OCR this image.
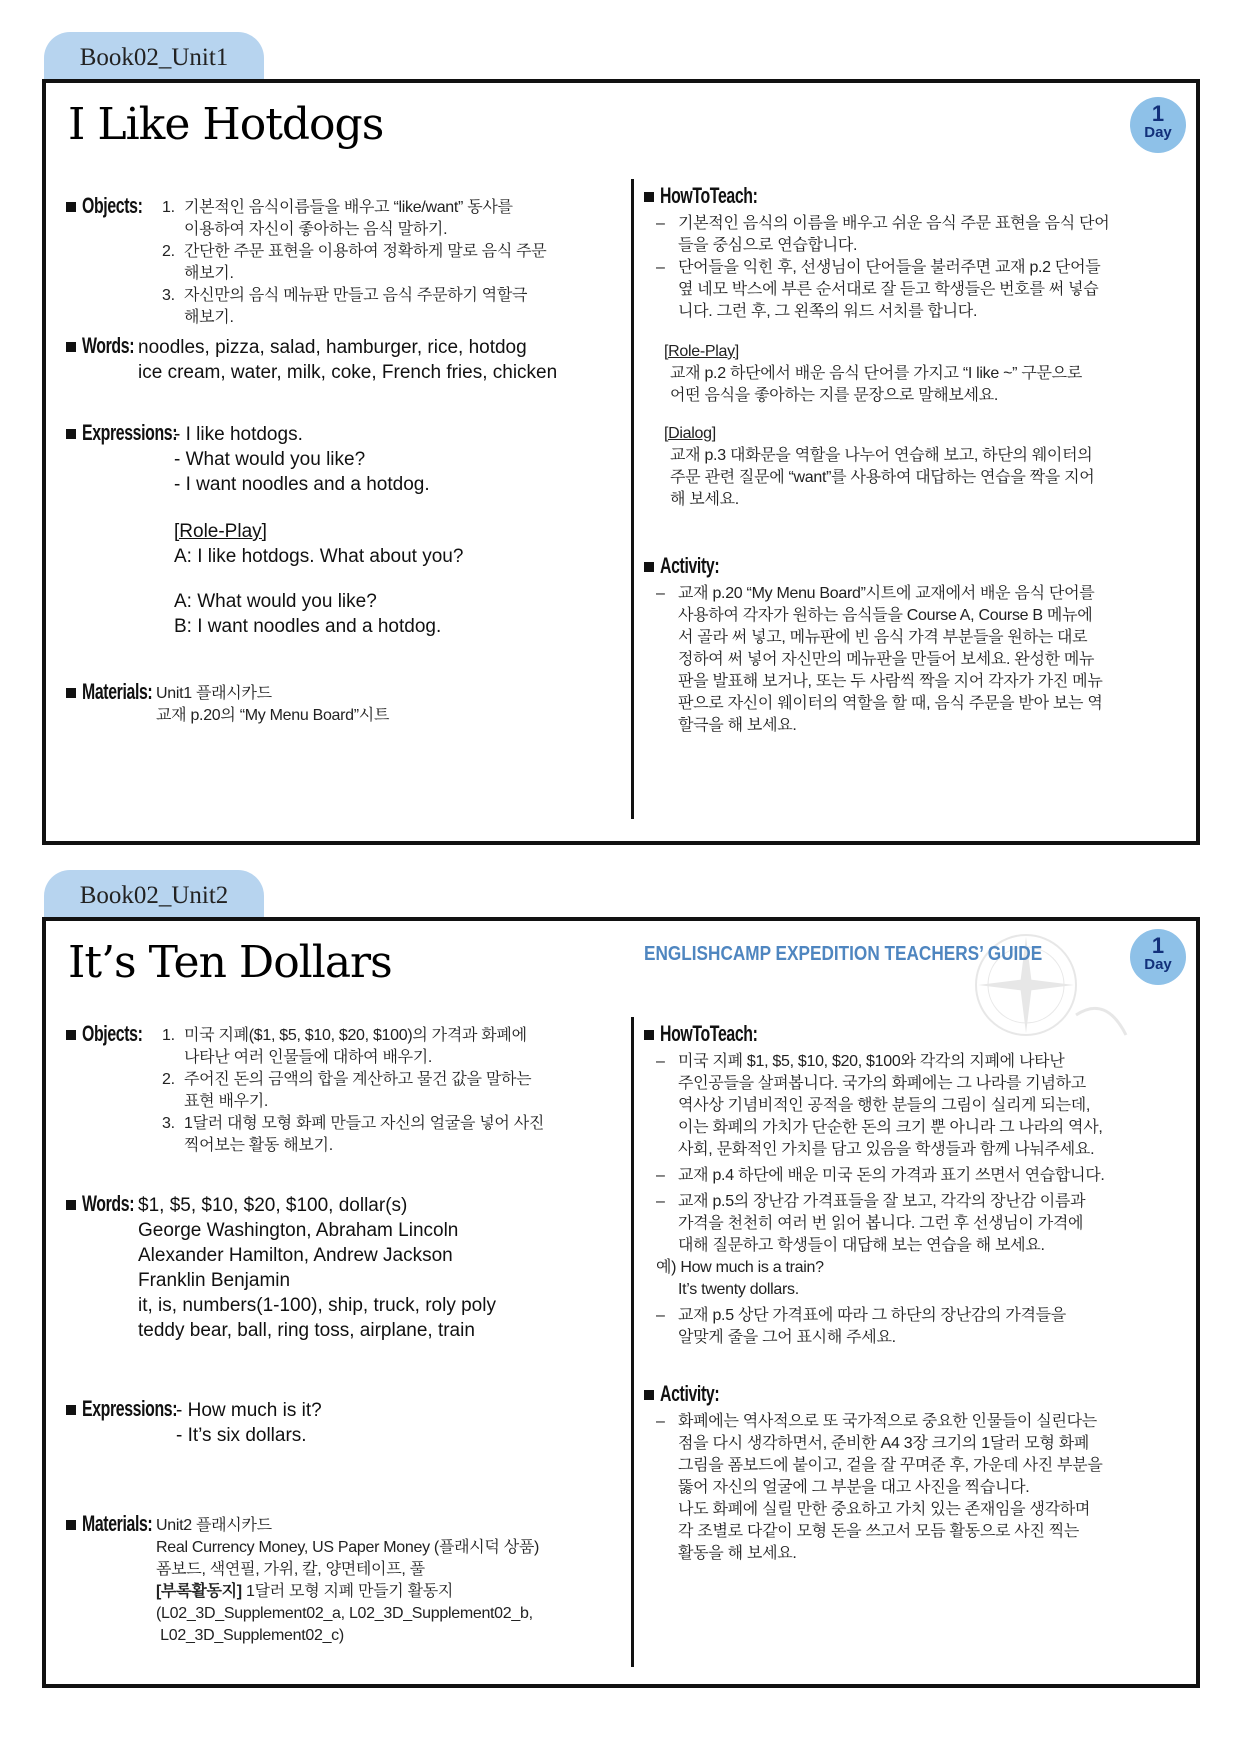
Book02_Unit1
I Like Hotdogs	1
Day
Objects:	1. 기본적인 음식이름들을 배우고 “like/want” 동사를
이용하여 자신이 좋아하는 음식 말하기.
2. 간단한 주문 표현을 이용하여 정확하게 말로 음식 주문
해보기.
3. 자신만의 음식 메뉴판 만들고 음식 주문하기 역할극
해보기.
Words: noodles, pizza, salad, hamburger, rice, hotdog
ice cream, water, milk, coke, French fries, chicken
Expressions:
- I like hotdogs.
- What would you like?
- I want noodles and a hotdog.
[Role-Play]
A: I like hotdogs. What about you?
A: What would you like?
B: I want noodles and a hotdog.
Materials: Unit1 플래시카드
교재 p.20의 “My Menu Board”시트
HowToTeach:
– 기본적인 음식의 이름을 배우고 쉬운 음식 주문 표현을 음식 단어
들을 중심으로 연습합니다.
– 단어들을 익힌 후, 선생님이 단어들을 불러주면 교재 p.2 단어들
옆 네모 박스에 부른 순서대로 잘 듣고 학생들은 번호를 써 넣습
니다. 그런 후, 그 왼쪽의 워드 서치를 합니다.
[Role-Play]
교재 p.2 하단에서 배운 음식 단어를 가지고 “I like ~” 구문으로
어떤 음식을 좋아하는 지를 문장으로 말해보세요.
[Dialog]
교재 p.3 대화문을 역할을 나누어 연습해 보고, 하단의 웨이터의
주문 관련 질문에 “want”를 사용하여 대답하는 연습을 짝을 지어
해 보세요.
Activity:
– 교재 p.20 “My Menu Board”시트에 교재에서 배운 음식 단어를
사용하여 각자가 원하는 음식들을 Course A, Course B 메뉴에
서 골라 써 넣고, 메뉴판에 빈 음식 가격 부분들을 원하는 대로
정하여 써 넣어 자신만의 메뉴판을 만들어 보세요. 완성한 메뉴
판을 발표해 보거나, 또는 두 사람씩 짝을 지어 각자가 가진 메뉴
판으로 자신이 웨이터의 역할을 할 때, 음식 주문을 받아 보는 역
할극을 해 보세요.
Book02_Unit2
It’s Ten Dollars	ENGLISHCAMP EXPEDITION TEACHERS’ GUIDE	1
Day
Objects:	1. 미국 지폐($1, $5, $10, $20, $100)의 가격과 화폐에
나타난 여러 인물들에 대하여 배우기.
2. 주어진 돈의 금액의 합을 계산하고 물건 값을 말하는
표현 배우기.
3. 1달러 대형 모형 화폐 만들고 자신의 얼굴을 넣어 사진
찍어보는 활동 해보기.
Words: $1, $5, $10, $20, $100, dollar(s)
George Washington, Abraham Lincoln
Alexander Hamilton, Andrew Jackson
Franklin Benjamin
it, is, numbers(1-100), ship, truck, roly poly
teddy bear, ball, ring toss, airplane, train
Expressions:
- How much is it?
- It’s six dollars.
Materials: Unit2 플래시카드
Real Currency Money, US Paper Money (플래시덕 상품)
폼보드, 색연필, 가위, 칼, 양면테이프, 풀
[부록활동지] 1달러 모형 지폐 만들기 활동지
(L02_3D_Supplement02_a, L02_3D_Supplement02_b,
L02_3D_Supplement02_c)
HowToTeach:
– 미국 지폐 $1, $5, $10, $20, $100와 각각의 지폐에 나타난
주인공들을 살펴봅니다. 국가의 화폐에는 그 나라를 기념하고
역사상 기념비적인 공적을 행한 분들의 그림이 실리게 되는데,
이는 화폐의 가치가 단순한 돈의 크기 뿐 아니라 그 나라의 역사,
사회, 문화적인 가치를 담고 있음을 학생들과 함께 나눠주세요.
– 교재 p.4 하단에 배운 미국 돈의 가격과 표기 쓰면서 연습합니다.
– 교재 p.5의 장난감 가격표들을 잘 보고, 각각의 장난감 이름과
가격을 천천히 여러 번 읽어 봅니다. 그런 후 선생님이 가격에
대해 질문하고 학생들이 대답해 보는 연습을 해 보세요.
예) How much is a train?
It’s twenty dollars.
– 교재 p.5 상단 가격표에 따라 그 하단의 장난감의 가격들을
알맞게 줄을 그어 표시해 주세요.
Activity:
– 화폐에는 역사적으로 또 국가적으로 중요한 인물들이 실린다는
점을 다시 생각하면서, 준비한 A4 3장 크기의 1달러 모형 화폐
그림을 폼보드에 붙이고, 겉을 잘 꾸며준 후, 가운데 사진 부분을
뚫어 자신의 얼굴에 그 부분을 대고 사진을 찍습니다.
나도 화폐에 실릴 만한 중요하고 가치 있는 존재임을 생각하며
각 조별로 다같이 모형 돈을 쓰고서 모듬 활동으로 사진 찍는
활동을 해 보세요.
